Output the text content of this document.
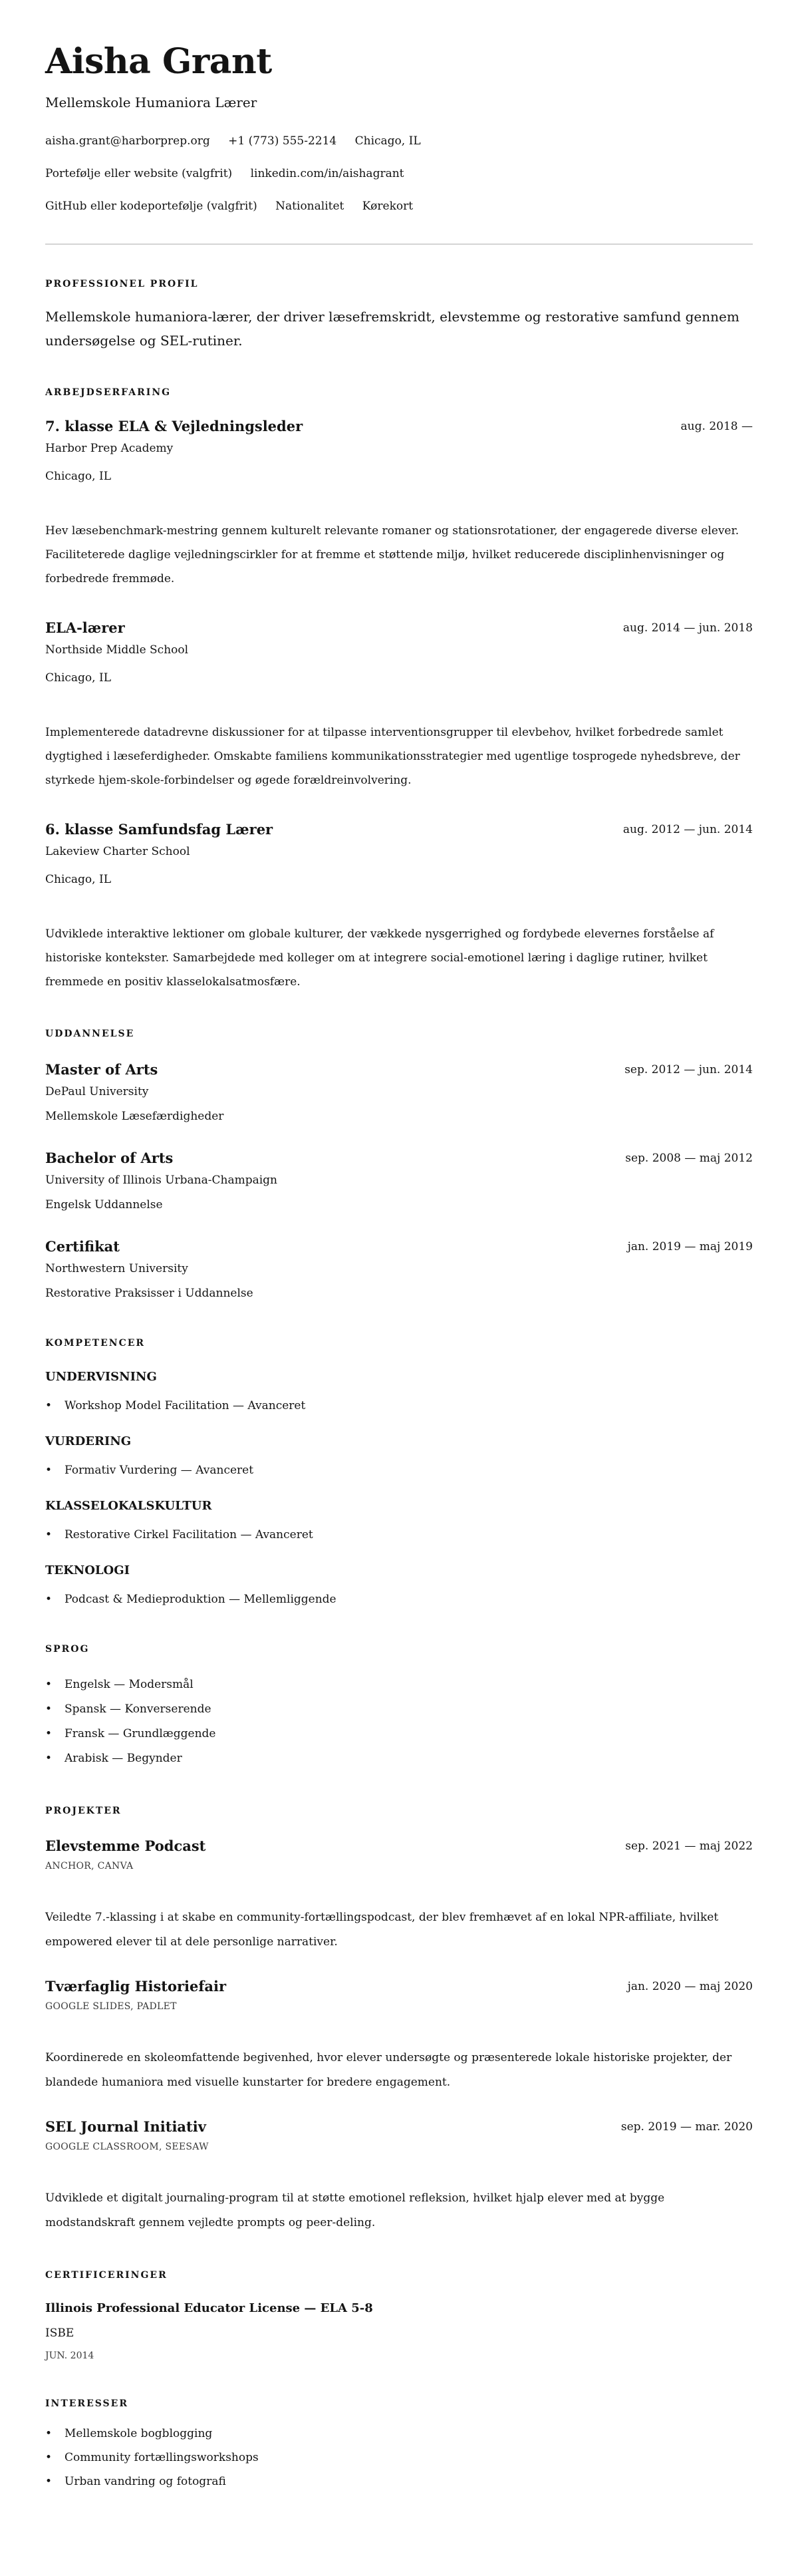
Aisha Grant
Mellemskole Humaniora Lærer
aisha.grant@harborprep.org +1 (773) 555-2214 Chicago, IL
Portefølje eller website (valgfrit) linkedin.com/in/aishagrant
GitHub eller kodeportefølje (valgfrit) Nationalitet Kørekort
PROFESSIONEL PROFIL
Mellemskole humaniora-lærer, der driver læsefremskridt, elevstemme og restorative samfund gennem undersøgelse og SEL-rutiner.
ARBEJDSERFARING
7. klasse ELA & Vejledningsleder	aug. 2018 —
Harbor Prep Academy
Chicago, IL
Hev læsebenchmark-mestring gennem kulturelt relevante romaner og stationsrotationer, der engagerede diverse elever. Faciliteterede daglige vejledningscirkler for at fremme et støttende miljø, hvilket reducerede disciplinhenvisninger og forbedrede fremmøde.
ELA-lærer	aug. 2014 — jun. 2018
Northside Middle School
Chicago, IL
Implementerede datadrevne diskussioner for at tilpasse interventionsgrupper til elevbehov, hvilket forbedrede samlet dygtighed i læseferdigheder. Omskabte familiens kommunikationsstrategier med ugentlige tosprogede nyhedsbreve, der styrkede hjem-skole-forbindelser og øgede forældreinvolvering.
6. klasse Samfundsfag Lærer	aug. 2012 — jun. 2014
Lakeview Charter School
Chicago, IL
Udviklede interaktive lektioner om globale kulturer, der vækkede nysgerrighed og fordybede elevernes forståelse af historiske kontekster. Samarbejdede med kolleger om at integrere social-emotionel læring i daglige rutiner, hvilket fremmede en positiv klasselokalsatmosfære.
UDDANNELSE
Master of Arts	sep. 2012 — jun. 2014
DePaul University
Mellemskole Læsefærdigheder
Bachelor of Arts	sep. 2008 — maj 2012
University of Illinois Urbana-Champaign
Engelsk Uddannelse
Certifikat	jan. 2019 — maj 2019
Northwestern University
Restorative Praksisser i Uddannelse
KOMPETENCER
UNDERVISNING
• Workshop Model Facilitation — Avanceret
VURDERING
• Formativ Vurdering — Avanceret
KLASSELOKALSKULTUR
• Restorative Cirkel Facilitation — Avanceret
TEKNOLOGI
• Podcast & Medieproduktion — Mellemliggende
SPROG
• Engelsk — Modersmål
• Spansk — Konverserende
• Fransk — Grundlæggende
• Arabisk — Begynder
PROJEKTER
Elevstemme Podcast	sep. 2021 — maj 2022
ANCHOR, CANVA
Veiledte 7.-klassing i at skabe en community-fortællingspodcast, der blev fremhævet af en lokal NPR-affiliate, hvilket empowered elever til at dele personlige narrativer.
Tværfaglig Historiefair	jan. 2020 — maj 2020
GOOGLE SLIDES, PADLET
Koordinerede en skoleomfattende begivenhed, hvor elever undersøgte og præsenterede lokale historiske projekter, der blandede humaniora med visuelle kunstarter for bredere engagement.
SEL Journal Initiativ	sep. 2019 — mar. 2020
GOOGLE CLASSROOM, SEESAW
Udviklede et digitalt journaling-program til at støtte emotionel refleksion, hvilket hjalp elever med at bygge modstandskraft gennem vejledte prompts og peer-deling.
CERTIFICERINGER
Illinois Professional Educator License — ELA 5-8
ISBE
JUN. 2014
INTERESSER
• Mellemskole bogblogging
• Community fortællingsworkshops
• Urban vandring og fotografi
